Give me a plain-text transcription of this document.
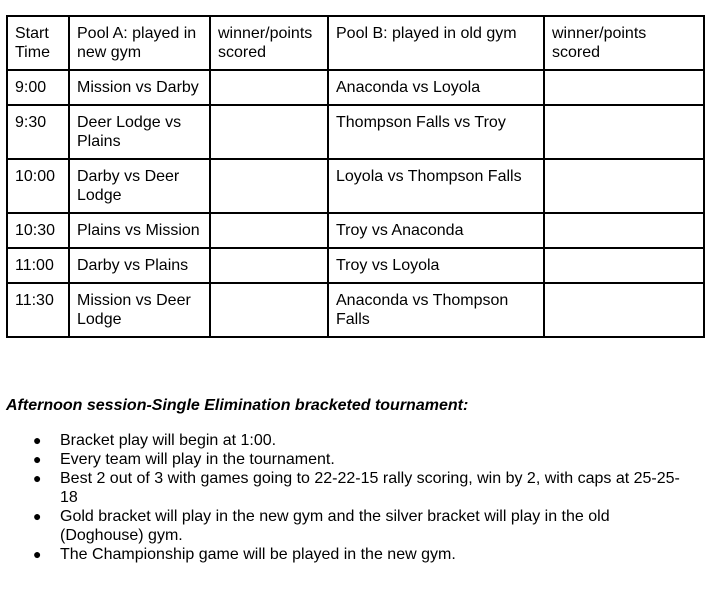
Start Time	Pool A: played in new gym	winner/points scored	Pool B: played in old gym	winner/points scored
9:00	Mission vs Darby		Anaconda vs Loyola	
9:30	Deer Lodge vs Plains		Thompson Falls vs Troy	
10:00	Darby vs Deer Lodge		Loyola vs Thompson Falls	
10:30	Plains vs Mission		Troy vs Anaconda	
11:00	Darby vs Plains		Troy vs Loyola	
11:30	Mission vs Deer Lodge		Anaconda vs Thompson Falls	

Afternoon session-Single Elimination bracketed tournament:

● Bracket play will begin at 1:00.
● Every team will play in the tournament.
● Best 2 out of 3 with games going to 22-22-15 rally scoring, win by 2, with caps at 25-25-18
● Gold bracket will play in the new gym and the silver bracket will play in the old (Doghouse) gym.
● The Championship game will be played in the new gym.
